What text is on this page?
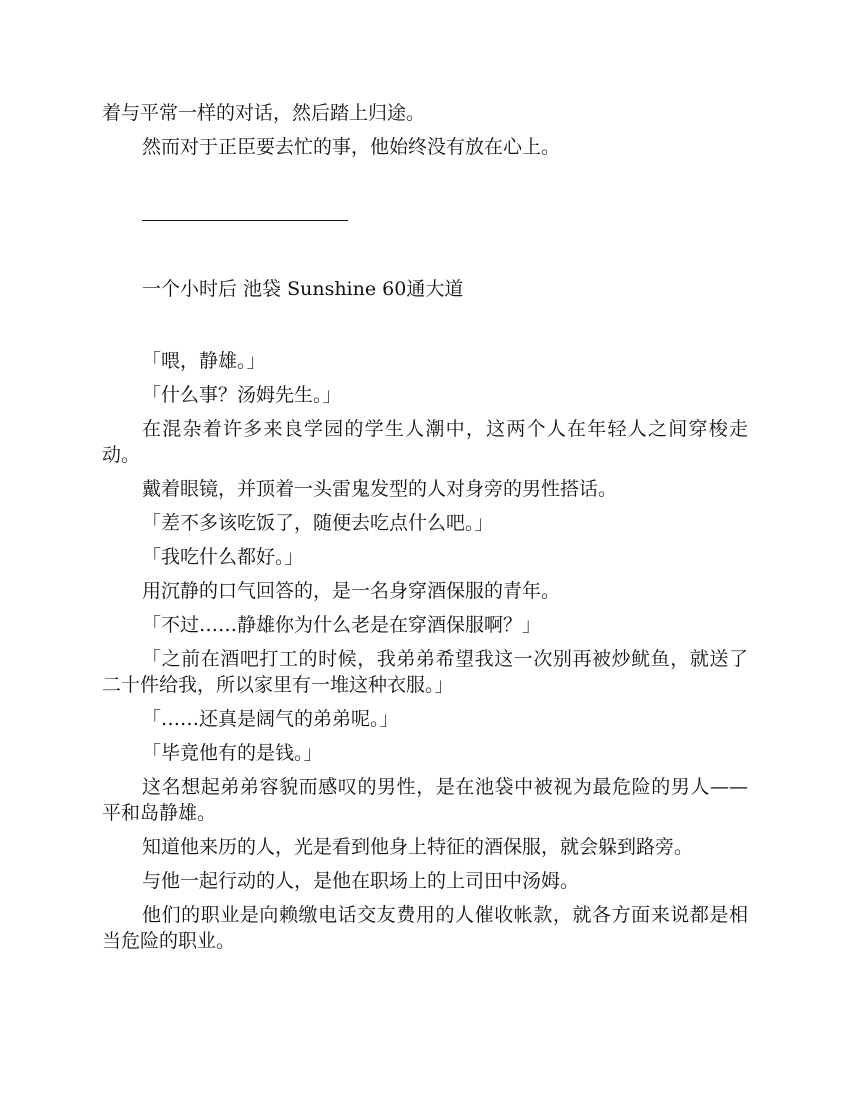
着与平常一样的对话，然后踏上归途。

然而对于正臣要去忙的事，他始终没有放在心上。

一个小时后 池袋 Sunshine 60通大道

「喂，静雄。」

「什么事？汤姆先生。」

在混杂着许多来良学园的学生人潮中，这两个人在年轻人之间穿梭走动。

戴着眼镜，并顶着一头雷鬼发型的人对身旁的男性搭话。

「差不多该吃饭了，随便去吃点什么吧。」

「我吃什么都好。」

用沉静的口气回答的，是一名身穿酒保服的青年。

「不过……静雄你为什么老是在穿酒保服啊？」

「之前在酒吧打工的时候，我弟弟希望我这一次别再被炒鱿鱼，就送了二十件给我，所以家里有一堆这种衣服。」

「……还真是阔气的弟弟呢。」

「毕竟他有的是钱。」

这名想起弟弟容貌而感叹的男性，是在池袋中被视为最危险的男人——平和岛静雄。

知道他来历的人，光是看到他身上特征的酒保服，就会躲到路旁。

与他一起行动的人，是他在职场上的上司田中汤姆。

他们的职业是向赖缴电话交友费用的人催收帐款，就各方面来说都是相当危险的职业。
